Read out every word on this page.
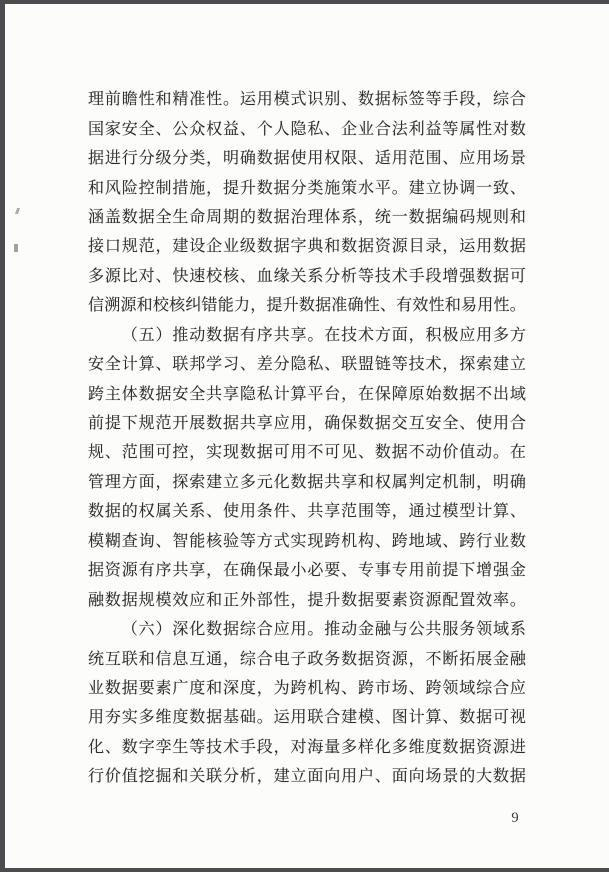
理 前 瞻 性 和 精 准 性 。 运 用 模 式 识 别 、 数 据 标 签 等 手 段 ， 综 合
国 家 安 全 、 公 众 权 益 、 个 人 隐 私 、 企 业 合 法 利 益 等 属 性 对 数
据 进 行 分 级 分 类 ， 明 确 数 据 使 用 权 限 、 适 用 范 围 、 应 用 场 景
和 风 险 控 制 措 施 ， 提 升 数 据 分 类 施 策 水 平 。 建 立 协 调 一 致 、
涵 盖 数 据 全 生 命 周 期 的 数 据 治 理 体 系 ， 统 一 数 据 编 码 规 则 和
接 口 规 范 ， 建 设 企 业 级 数 据 字 典 和 数 据 资 源 目 录 ， 运 用 数 据
多 源 比 对 、 快 速 校 核 、 血 缘 关 系 分 析 等 技 术 手 段 增 强 数 据 可
信 溯 源 和 校 核 纠 错 能 力 ， 提 升 数 据 准 确 性 、 有 效 性 和 易 用 性 。

（ 五 ） 推 动 数 据 有 序 共 享 。 在 技 术 方 面 ， 积 极 应 用 多 方
安 全 计 算 、 联 邦 学 习 、 差 分 隐 私 、 联 盟 链 等 技 术 ， 探 索 建 立
跨 主 体 数 据 安 全 共 享 隐 私 计 算 平 台 ， 在 保 障 原 始 数 据 不 出 域
前 提 下 规 范 开 展 数 据 共 享 应 用 ， 确 保 数 据 交 互 安 全 、 使 用 合
规 、 范 围 可 控 ， 实 现 数 据 可 用 不 可 见 、 数 据 不 动 价 值 动 。 在
管 理 方 面 ， 探 索 建 立 多 元 化 数 据 共 享 和 权 属 判 定 机 制 ， 明 确
数 据 的 权 属 关 系 、 使 用 条 件 、 共 享 范 围 等 ， 通 过 模 型 计 算 、
模 糊 查 询 、 智 能 核 验 等 方 式 实 现 跨 机 构 、 跨 地 域 、 跨 行 业 数
据 资 源 有 序 共 享 ， 在 确 保 最 小 必 要 、 专 事 专 用 前 提 下 增 强 金
融 数 据 规 模 效 应 和 正 外 部 性 ， 提 升 数 据 要 素 资 源 配 置 效 率 。

（ 六 ） 深 化 数 据 综 合 应 用 。 推 动 金 融 与 公 共 服 务 领 域 系
统 互 联 和 信 息 互 通 ， 综 合 电 子 政 务 数 据 资 源 ， 不 断 拓 展 金 融
业 数 据 要 素 广 度 和 深 度 ， 为 跨 机 构 、 跨 市 场 、 跨 领 域 综 合 应
用 夯 实 多 维 度 数 据 基 础 。 运 用 联 合 建 模 、 图 计 算 、 数 据 可 视
化 、 数 字 孪 生 等 技 术 手 段 ， 对 海 量 多 样 化 多 维 度 数 据 资 源 进
行 价 值 挖 掘 和 关 联 分 析 ， 建 立 面 向 用 户 、 面 向 场 景 的 大 数 据
9
